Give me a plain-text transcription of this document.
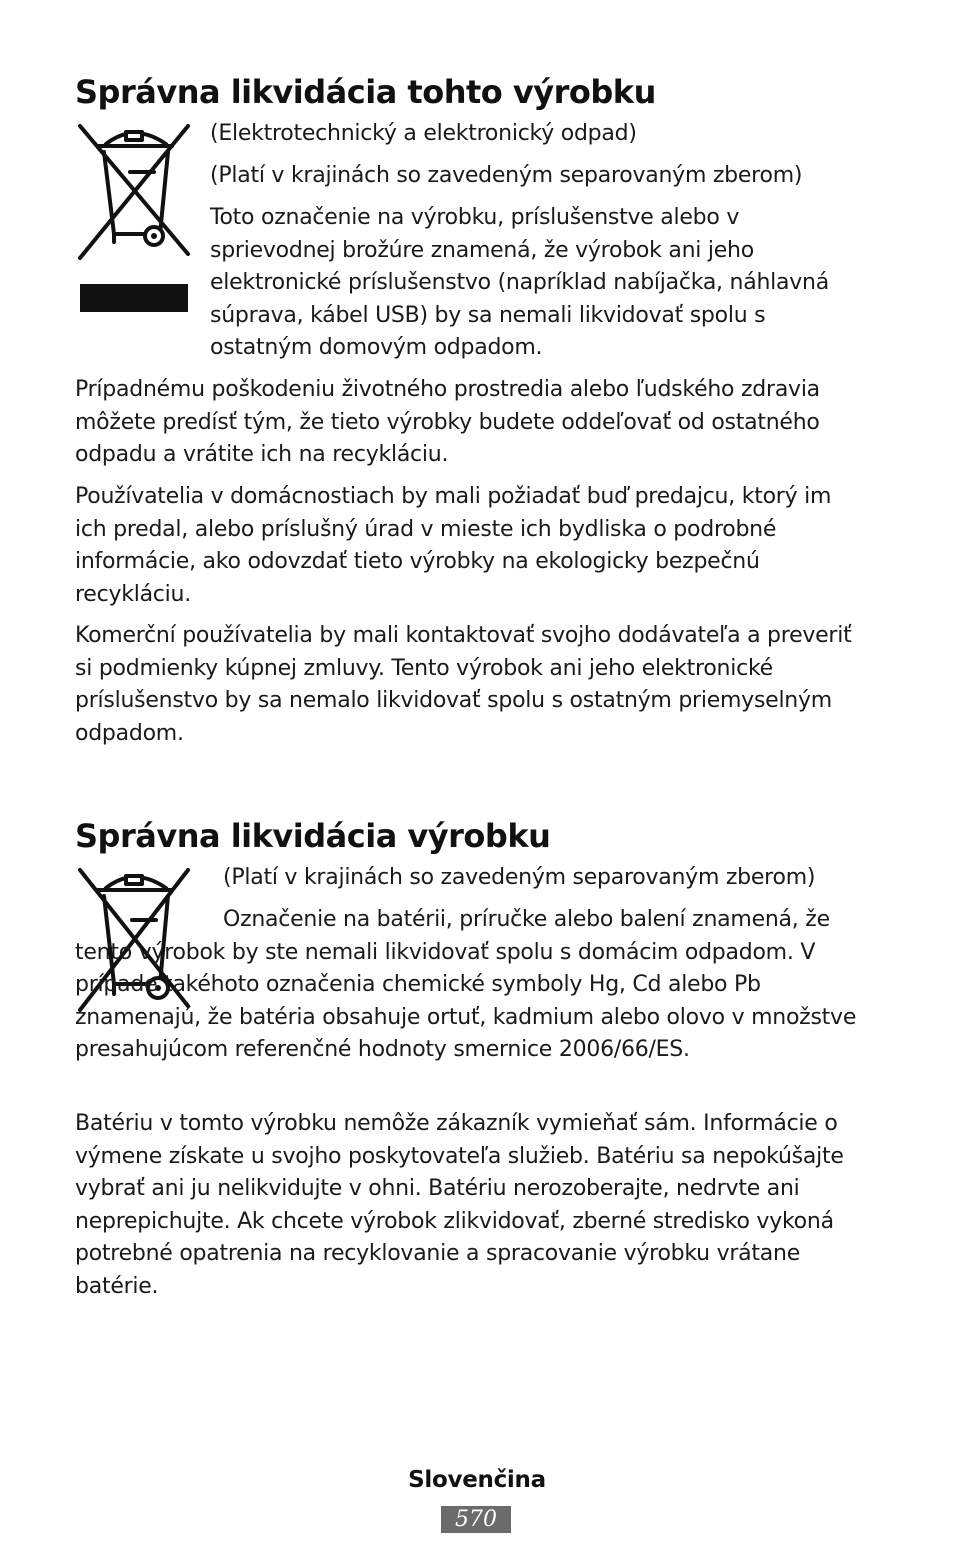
Správna likvidácia tohto výrobku
(Elektrotechnický a elektronický odpad)
(Platí v krajinách so zavedeným separovaným zberom)
Toto označenie na výrobku, príslušenstve alebo v sprievodnej brožúre znamená, že výrobok ani jeho elektronické príslušenstvo (napríklad nabíjačka, náhlavná súprava, kábel USB) by sa nemali likvidovať spolu s ostatným domovým odpadom.
Prípadnému poškodeniu životného prostredia alebo ľudského zdravia môžete predísť tým, že tieto výrobky budete oddeľovať od ostatného odpadu a vrátite ich na recykláciu.
Používatelia v domácnostiach by mali požiadať buď predajcu, ktorý im ich predal, alebo príslušný úrad v mieste ich bydliska o podrobné informácie, ako odovzdať tieto výrobky na ekologicky bezpečnú recykláciu.
Komerční používatelia by mali kontaktovať svojho dodávateľa a preveriť si podmienky kúpnej zmluvy. Tento výrobok ani jeho elektronické príslušenstvo by sa nemalo likvidovať spolu s ostatným priemyselným odpadom.
Správna likvidácia výrobku
(Platí v krajinách so zavedeným separovaným zberom)
Označenie na batérii, príručke alebo balení znamená, že tento výrobok by ste nemali likvidovať spolu s domácim odpadom. V prípade takéhoto označenia chemické symboly Hg, Cd alebo Pb znamenajú, že batéria obsahuje ortuť, kadmium alebo olovo v množstve presahujúcom referenčné hodnoty smernice 2006/66/ES.
Batériu v tomto výrobku nemôže zákazník vymieňať sám. Informácie o výmene získate u svojho poskytovateľa služieb. Batériu sa nepokúšajte vybrať ani ju nelikvidujte v ohni. Batériu nerozoberajte, nedrvte ani neprepichujte. Ak chcete výrobok zlikvidovať, zberné stredisko vykoná potrebné opatrenia na recyklovanie a spracovanie výrobku vrátane batérie.
Slovenčina
570
